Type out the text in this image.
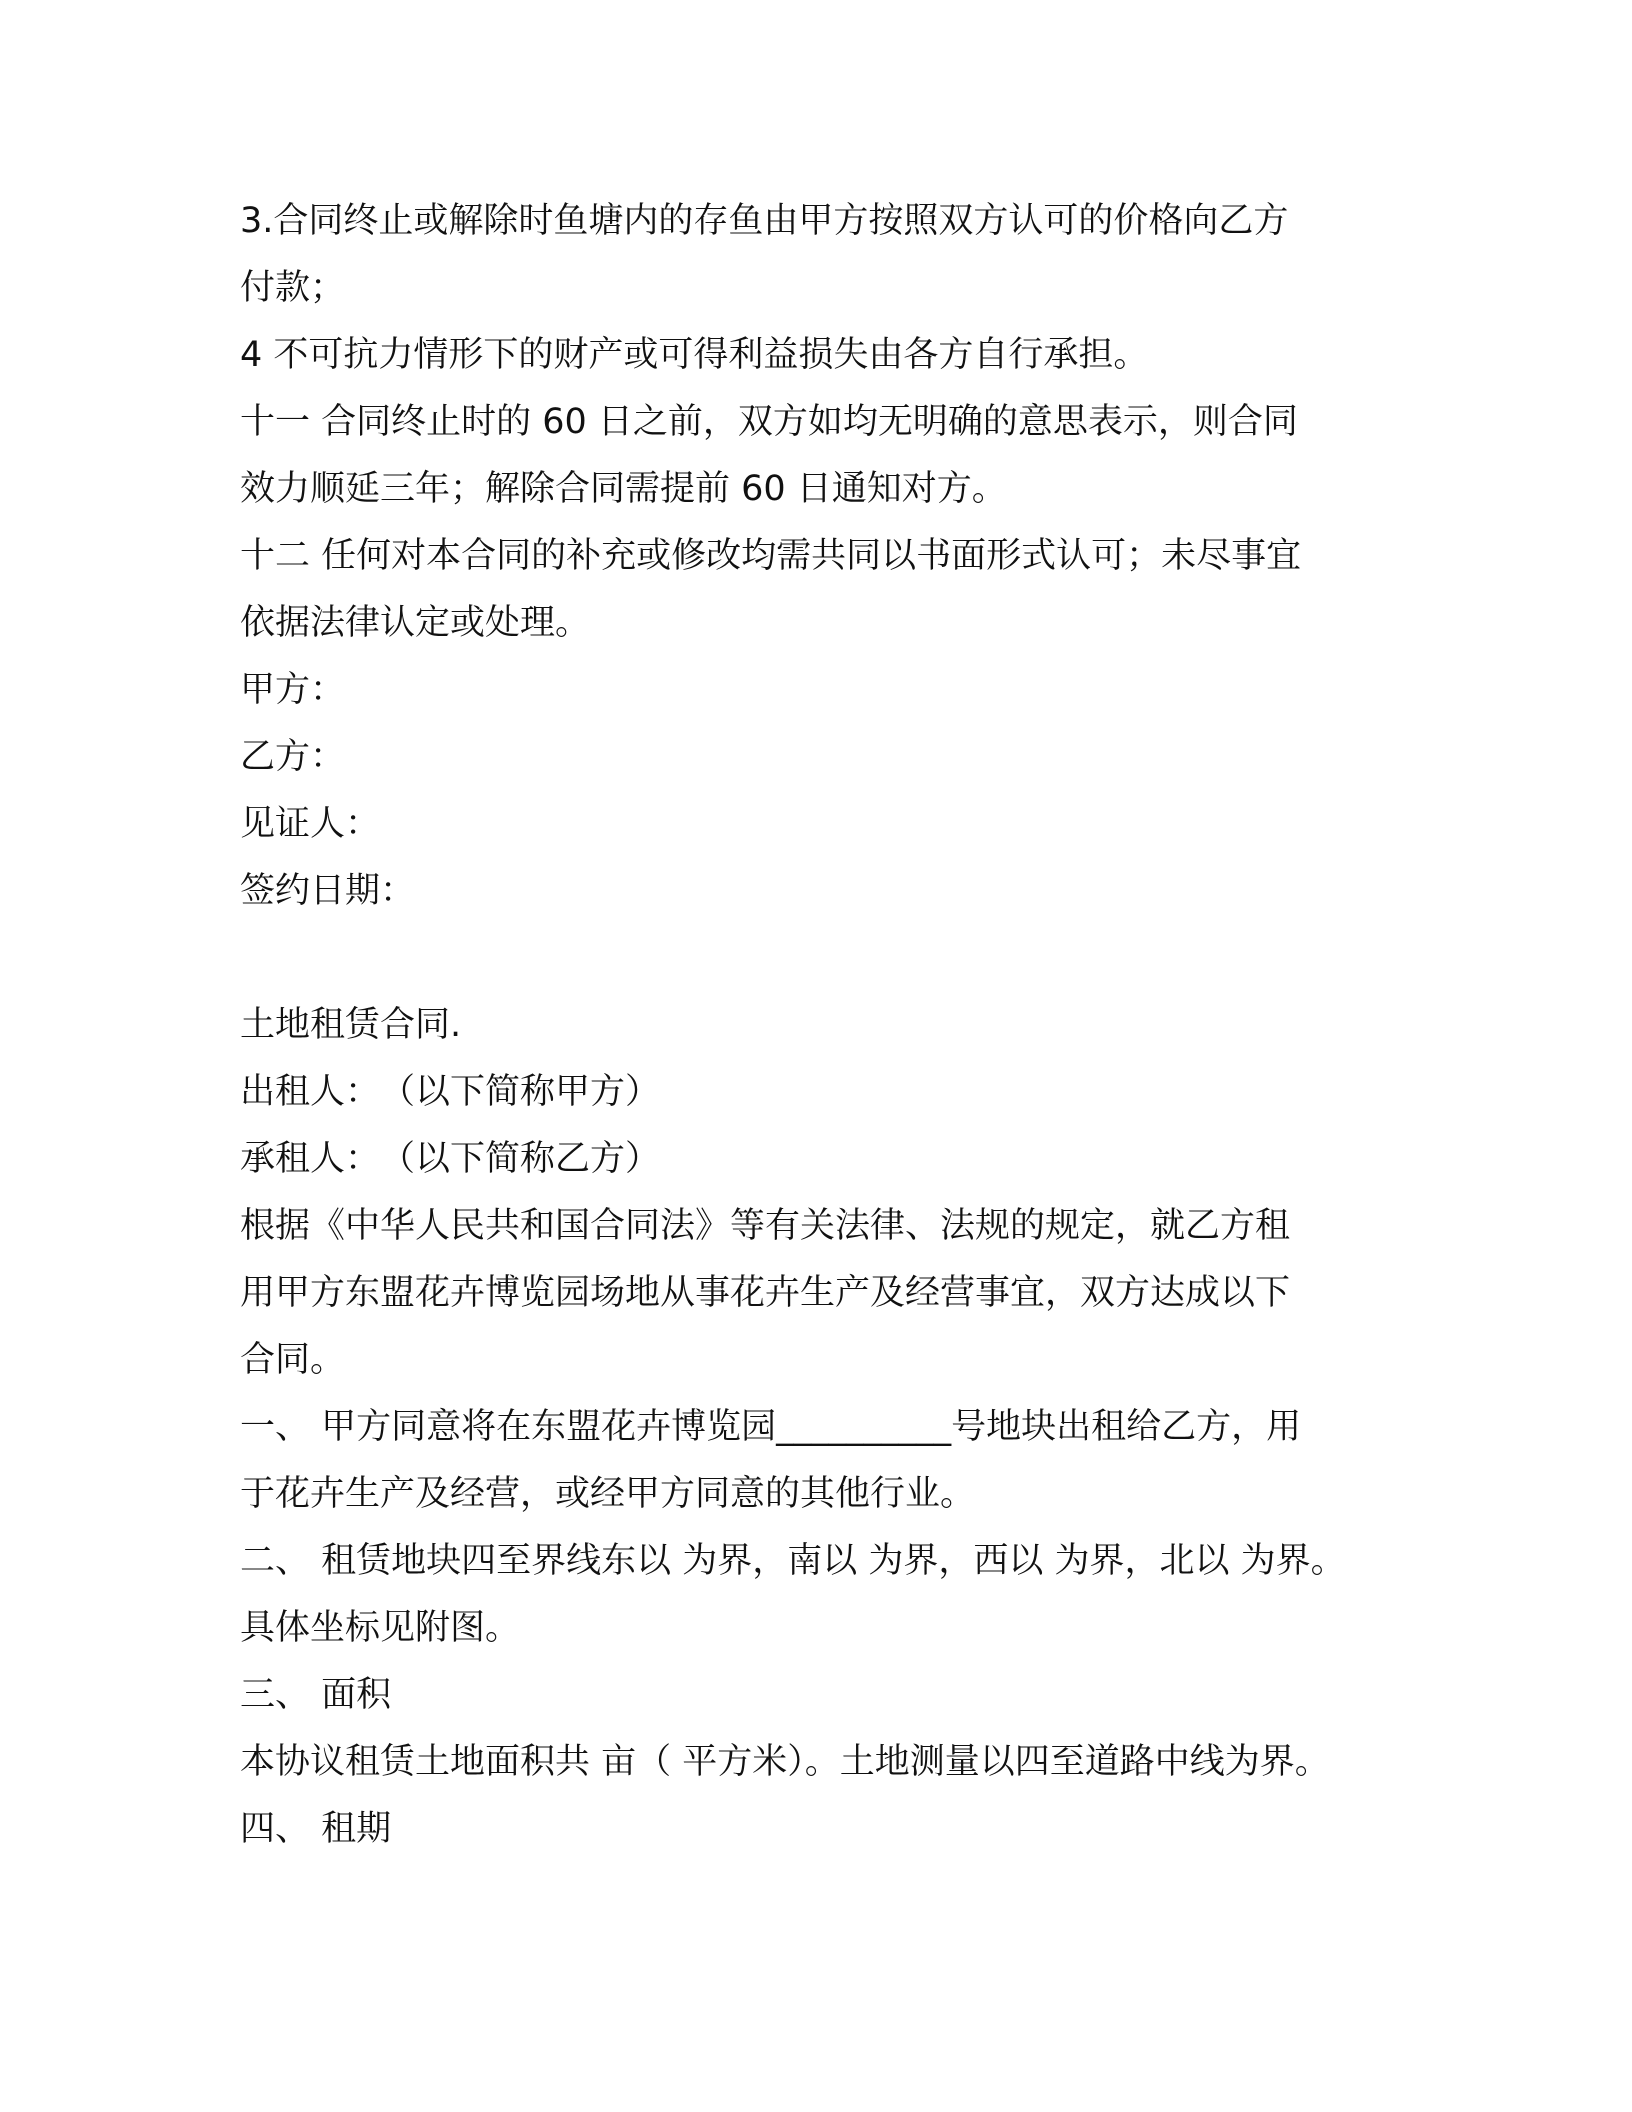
3.合同终止或解除时鱼塘内的存鱼由甲方按照双方认可的价格向乙方
付款；
4 不可抗力情形下的财产或可得利益损失由各方自行承担。
十一 合同终止时的 60 日之前，双方如均无明确的意思表示，则合同
效力顺延三年；解除合同需提前 60 日通知对方。
十二 任何对本合同的补充或修改均需共同以书面形式认可；未尽事宜
依据法律认定或处理。
甲方：
乙方：
见证人：
签约日期：
土地租赁合同.
出租人：　（以下简称甲方）
承租人：　（以下简称乙方）
根据《中华人民共和国合同法》等有关法律、法规的规定，就乙方租
用甲方东盟花卉博览园场地从事花卉生产及经营事宜，双方达成以下
合同。
一、 甲方同意将在东盟花卉博览园__________号地块出租给乙方，用
于花卉生产及经营，或经甲方同意的其他行业。
二、 租赁地块四至界线东以 为界，南以 为界，西以 为界，北以 为界。
具体坐标见附图。
三、 面积
本协议租赁土地面积共 亩（ 平方米）。土地测量以四至道路中线为界。
四、 租期
